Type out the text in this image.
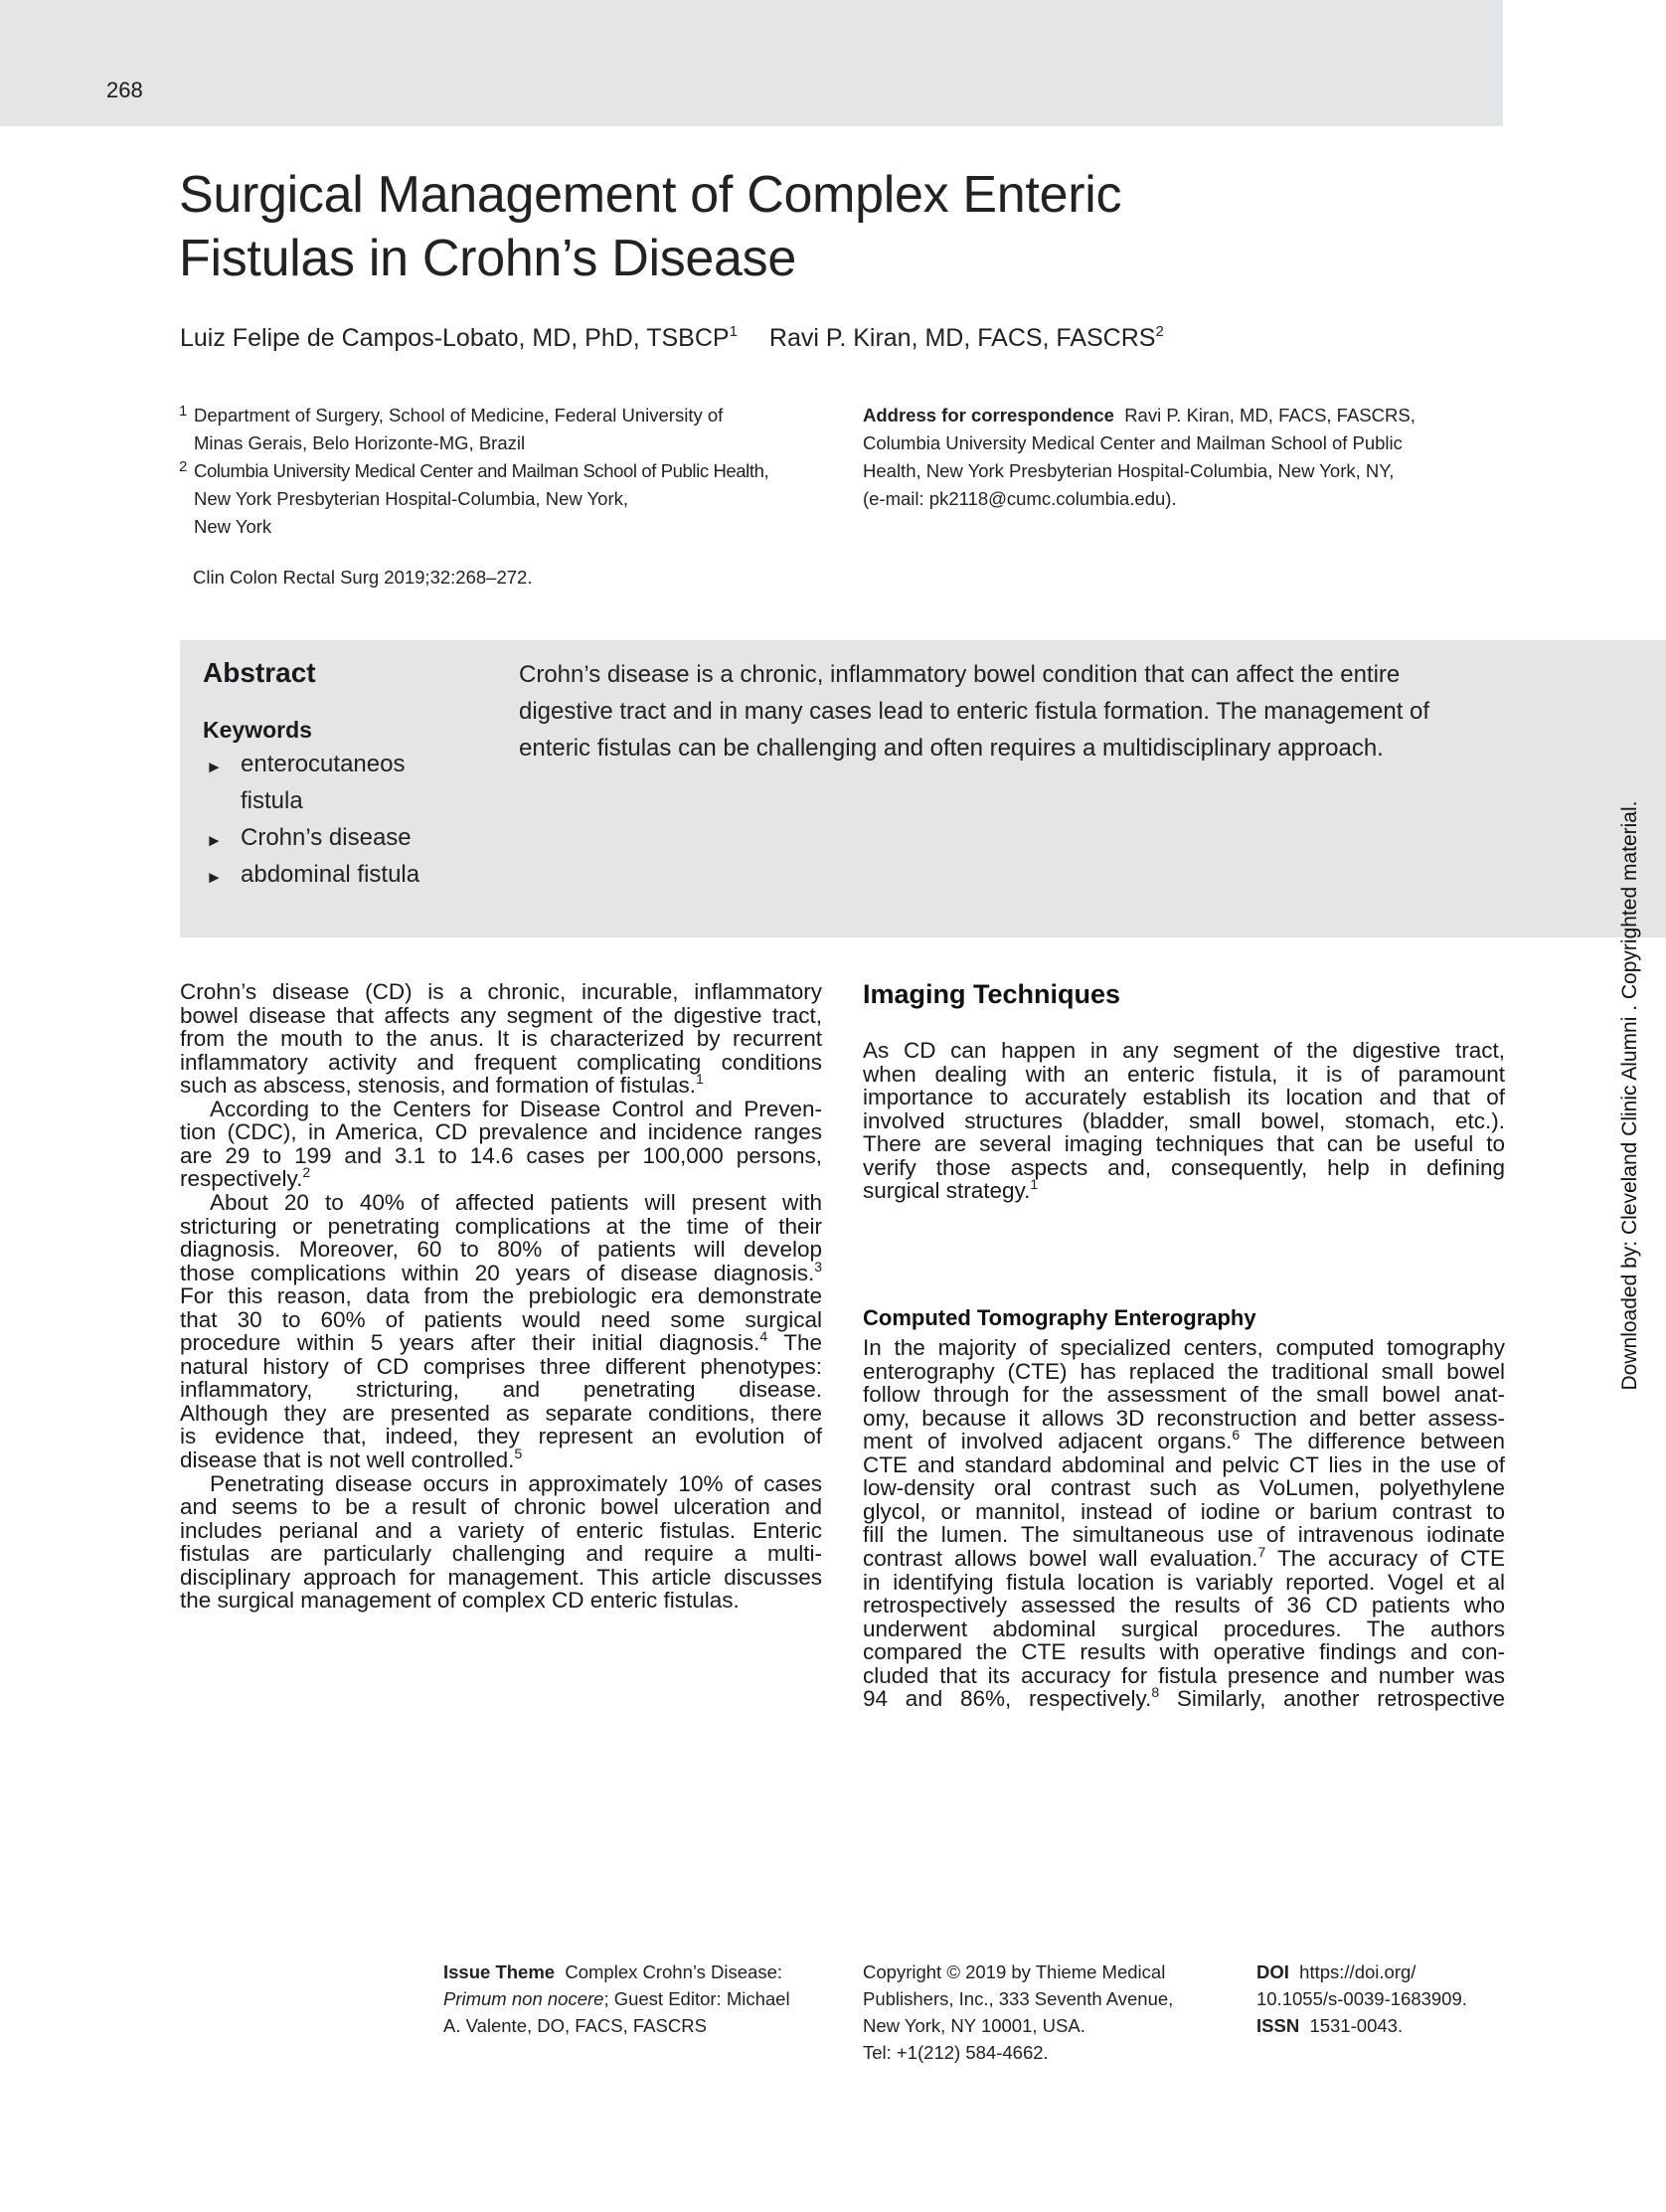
268
Surgical Management of Complex Enteric
Fistulas in Crohn’s Disease
Luiz Felipe de Campos-Lobato, MD, PhD, TSBCP$^1$ Ravi P. Kiran, MD, FACS, FASCRS$^2$
1 Department of Surgery, School of Medicine, Federal University of
Minas Gerais, Belo Horizonte-MG, Brazil
2 Columbia University Medical Center and Mailman School of Public Health,
New York Presbyterian Hospital-Columbia, New York,
New York
Address for correspondence Ravi P. Kiran, MD, FACS, FASCRS,
Columbia University Medical Center and Mailman School of Public
Health, New York Presbyterian Hospital-Columbia, New York, NY,
(e-mail: pk2118@cumc.columbia.edu).
Clin Colon Rectal Surg 2019;32:268–272.
Abstract
Keywords
► enterocutaneos
fistula
► Crohn’s disease
► abdominal fistula
Crohn’s disease is a chronic, inflammatory bowel condition that can affect the entire
digestive tract and in many cases lead to enteric fistula formation. The management of
enteric fistulas can be challenging and often requires a multidisciplinary approach.
Downloaded by: Cleveland Clinic Alumni . Copyrighted material.
Crohn’s disease (CD) is a chronic, incurable, inflammatory
bowel disease that affects any segment of the digestive tract,
from the mouth to the anus. It is characterized by recurrent
inflammatory activity and frequent complicating conditions
such as abscess, stenosis, and formation of fistulas.$^1$
According to the Centers for Disease Control and Preven-
tion (CDC), in America, CD prevalence and incidence ranges
are 29 to 199 and 3.1 to 14.6 cases per 100,000 persons,
respectively.$^2$
About 20 to 40% of affected patients will present with
stricturing or penetrating complications at the time of their
diagnosis. Moreover, 60 to 80% of patients will develop
those complications within 20 years of disease diagnosis.$^3$
For this reason, data from the prebiologic era demonstrate
that 30 to 60% of patients would need some surgical
procedure within 5 years after their initial diagnosis.$^4$ The
natural history of CD comprises three different phenotypes:
inflammatory, stricturing, and penetrating disease.
Although they are presented as separate conditions, there
is evidence that, indeed, they represent an evolution of
disease that is not well controlled.$^5$
Penetrating disease occurs in approximately 10% of cases
and seems to be a result of chronic bowel ulceration and
includes perianal and a variety of enteric fistulas. Enteric
fistulas are particularly challenging and require a multi-
disciplinary approach for management. This article discusses
the surgical management of complex CD enteric fistulas.
Imaging Techniques
As CD can happen in any segment of the digestive tract,
when dealing with an enteric fistula, it is of paramount
importance to accurately establish its location and that of
involved structures (bladder, small bowel, stomach, etc.).
There are several imaging techniques that can be useful to
verify those aspects and, consequently, help in defining
surgical strategy.$^1$
Computed Tomography Enterography
In the majority of specialized centers, computed tomography
enterography (CTE) has replaced the traditional small bowel
follow through for the assessment of the small bowel anat-
omy, because it allows 3D reconstruction and better assess-
ment of involved adjacent organs.$^6$ The difference between
CTE and standard abdominal and pelvic CT lies in the use of
low-density oral contrast such as VoLumen, polyethylene
glycol, or mannitol, instead of iodine or barium contrast to
fill the lumen. The simultaneous use of intravenous iodinate
contrast allows bowel wall evaluation.$^7$ The accuracy of CTE
in identifying fistula location is variably reported. Vogel et al
retrospectively assessed the results of 36 CD patients who
underwent abdominal surgical procedures. The authors
compared the CTE results with operative findings and con-
cluded that its accuracy for fistula presence and number was
94 and 86%, respectively.$^8$ Similarly, another retrospective
Issue Theme Complex Crohn’s Disease:
Primum non nocere; Guest Editor: Michael
A. Valente, DO, FACS, FASCRS
Copyright © 2019 by Thieme Medical
Publishers, Inc., 333 Seventh Avenue,
New York, NY 10001, USA.
Tel: +1(212) 584-4662.
DOI https://doi.org/
10.1055/s-0039-1683909.
ISSN 1531-0043.
